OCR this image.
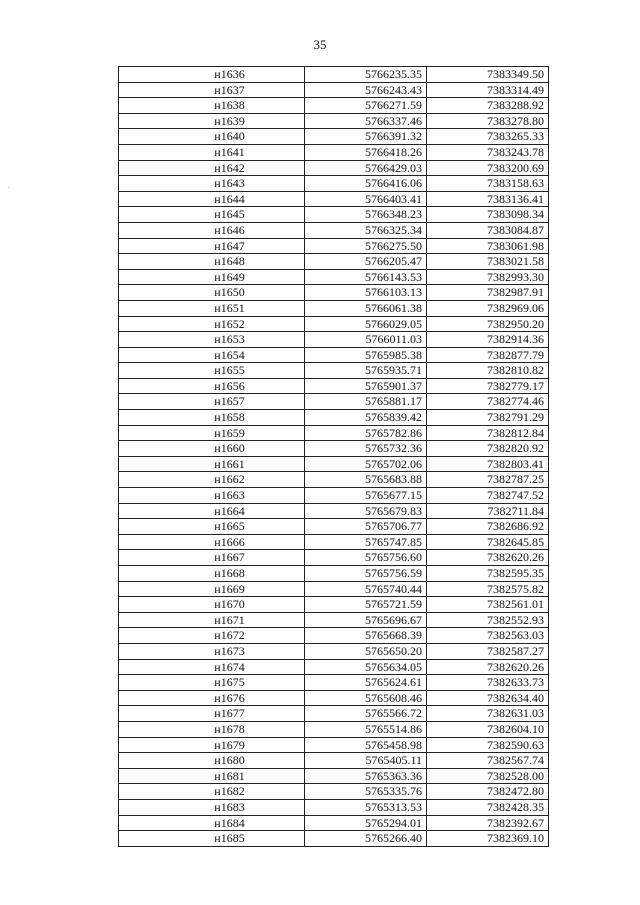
35
.
н1636	5766235.35	7383349.50
н1637	5766243.43	7383314.49
н1638	5766271.59	7383288.92
н1639	5766337.46	7383278.80
н1640	5766391.32	7383265.33
н1641	5766418.26	7383243.78
н1642	5766429.03	7383200.69
н1643	5766416.06	7383158.63
н1644	5766403.41	7383136.41
н1645	5766348.23	7383098.34
н1646	5766325.34	7383084.87
н1647	5766275.50	7383061.98
н1648	5766205.47	7383021.58
н1649	5766143.53	7382993.30
н1650	5766103.13	7382987.91
н1651	5766061.38	7382969.06
н1652	5766029.05	7382950.20
н1653	5766011.03	7382914.36
н1654	5765985.38	7382877.79
н1655	5765935.71	7382810.82
н1656	5765901.37	7382779.17
н1657	5765881.17	7382774.46
н1658	5765839.42	7382791.29
н1659	5765782.86	7382812.84
н1660	5765732.36	7382820.92
н1661	5765702.06	7382803.41
н1662	5765683.88	7382787.25
н1663	5765677.15	7382747.52
н1664	5765679.83	7382711.84
н1665	5765706.77	7382686.92
н1666	5765747.85	7382645.85
н1667	5765756.60	7382620.26
н1668	5765756.59	7382595.35
н1669	5765740.44	7382575.82
н1670	5765721.59	7382561.01
н1671	5765696.67	7382552.93
н1672	5765668.39	7382563.03
н1673	5765650.20	7382587.27
н1674	5765634.05	7382620.26
н1675	5765624.61	7382633.73
н1676	5765608.46	7382634.40
н1677	5765566.72	7382631.03
н1678	5765514.86	7382604.10
н1679	5765458.98	7382590.63
н1680	5765405.11	7382567.74
н1681	5765363.36	7382528.00
н1682	5765335.76	7382472.80
н1683	5765313.53	7382428.35
н1684	5765294.01	7382392.67
н1685	5765266.40	7382369.10
